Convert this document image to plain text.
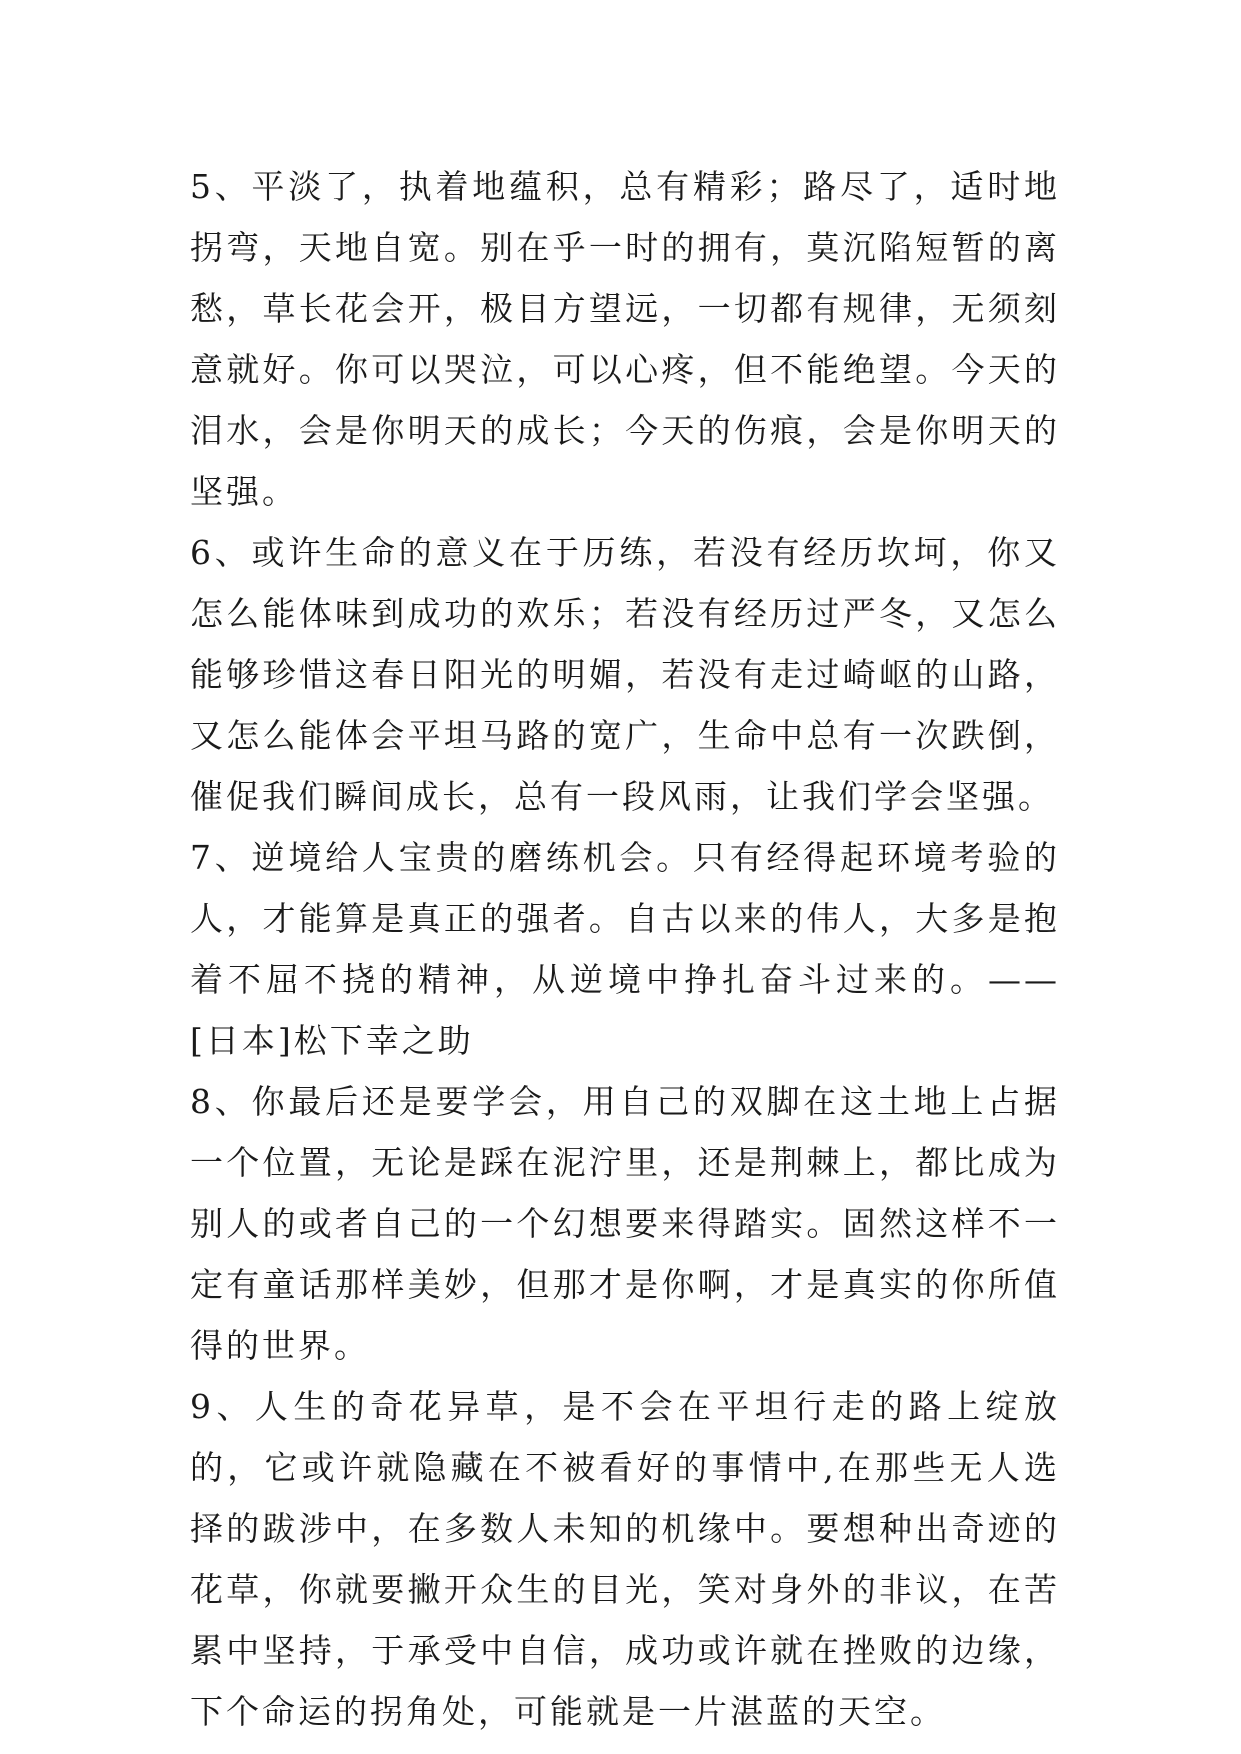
5、平淡了，执着地蕴积，总有精彩；路尽了，适时地拐弯，天地自宽。别在乎一时的拥有，莫沉陷短暂的离愁，草长花会开，极目方望远，一切都有规律，无须刻意就好。你可以哭泣，可以心疼，但不能绝望。今天的泪水，会是你明天的成长；今天的伤痕，会是你明天的坚强。

6、或许生命的意义在于历练，若没有经历坎坷，你又怎么能体味到成功的欢乐；若没有经历过严冬，又怎么能够珍惜这春日阳光的明媚，若没有走过崎岖的山路，又怎么能体会平坦马路的宽广，生命中总有一次跌倒，催促我们瞬间成长，总有一段风雨，让我们学会坚强。

7、逆境给人宝贵的磨练机会。只有经得起环境考验的人，才能算是真正的强者。自古以来的伟人，大多是抱着不屈不挠的精神，从逆境中挣扎奋斗过来的。——[日本]松下幸之助

8、你最后还是要学会，用自己的双脚在这土地上占据一个位置，无论是踩在泥泞里，还是荆棘上，都比成为别人的或者自己的一个幻想要来得踏实。固然这样不一定有童话那样美妙，但那才是你啊，才是真实的你所值得的世界。

9、人生的奇花异草，是不会在平坦行走的路上绽放的，它或许就隐藏在不被看好的事情中,在那些无人选择的跋涉中，在多数人未知的机缘中。要想种出奇迹的花草，你就要撇开众生的目光，笑对身外的非议，在苦累中坚持，于承受中自信，成功或许就在挫败的边缘，下个命运的拐角处，可能就是一片湛蓝的天空。
